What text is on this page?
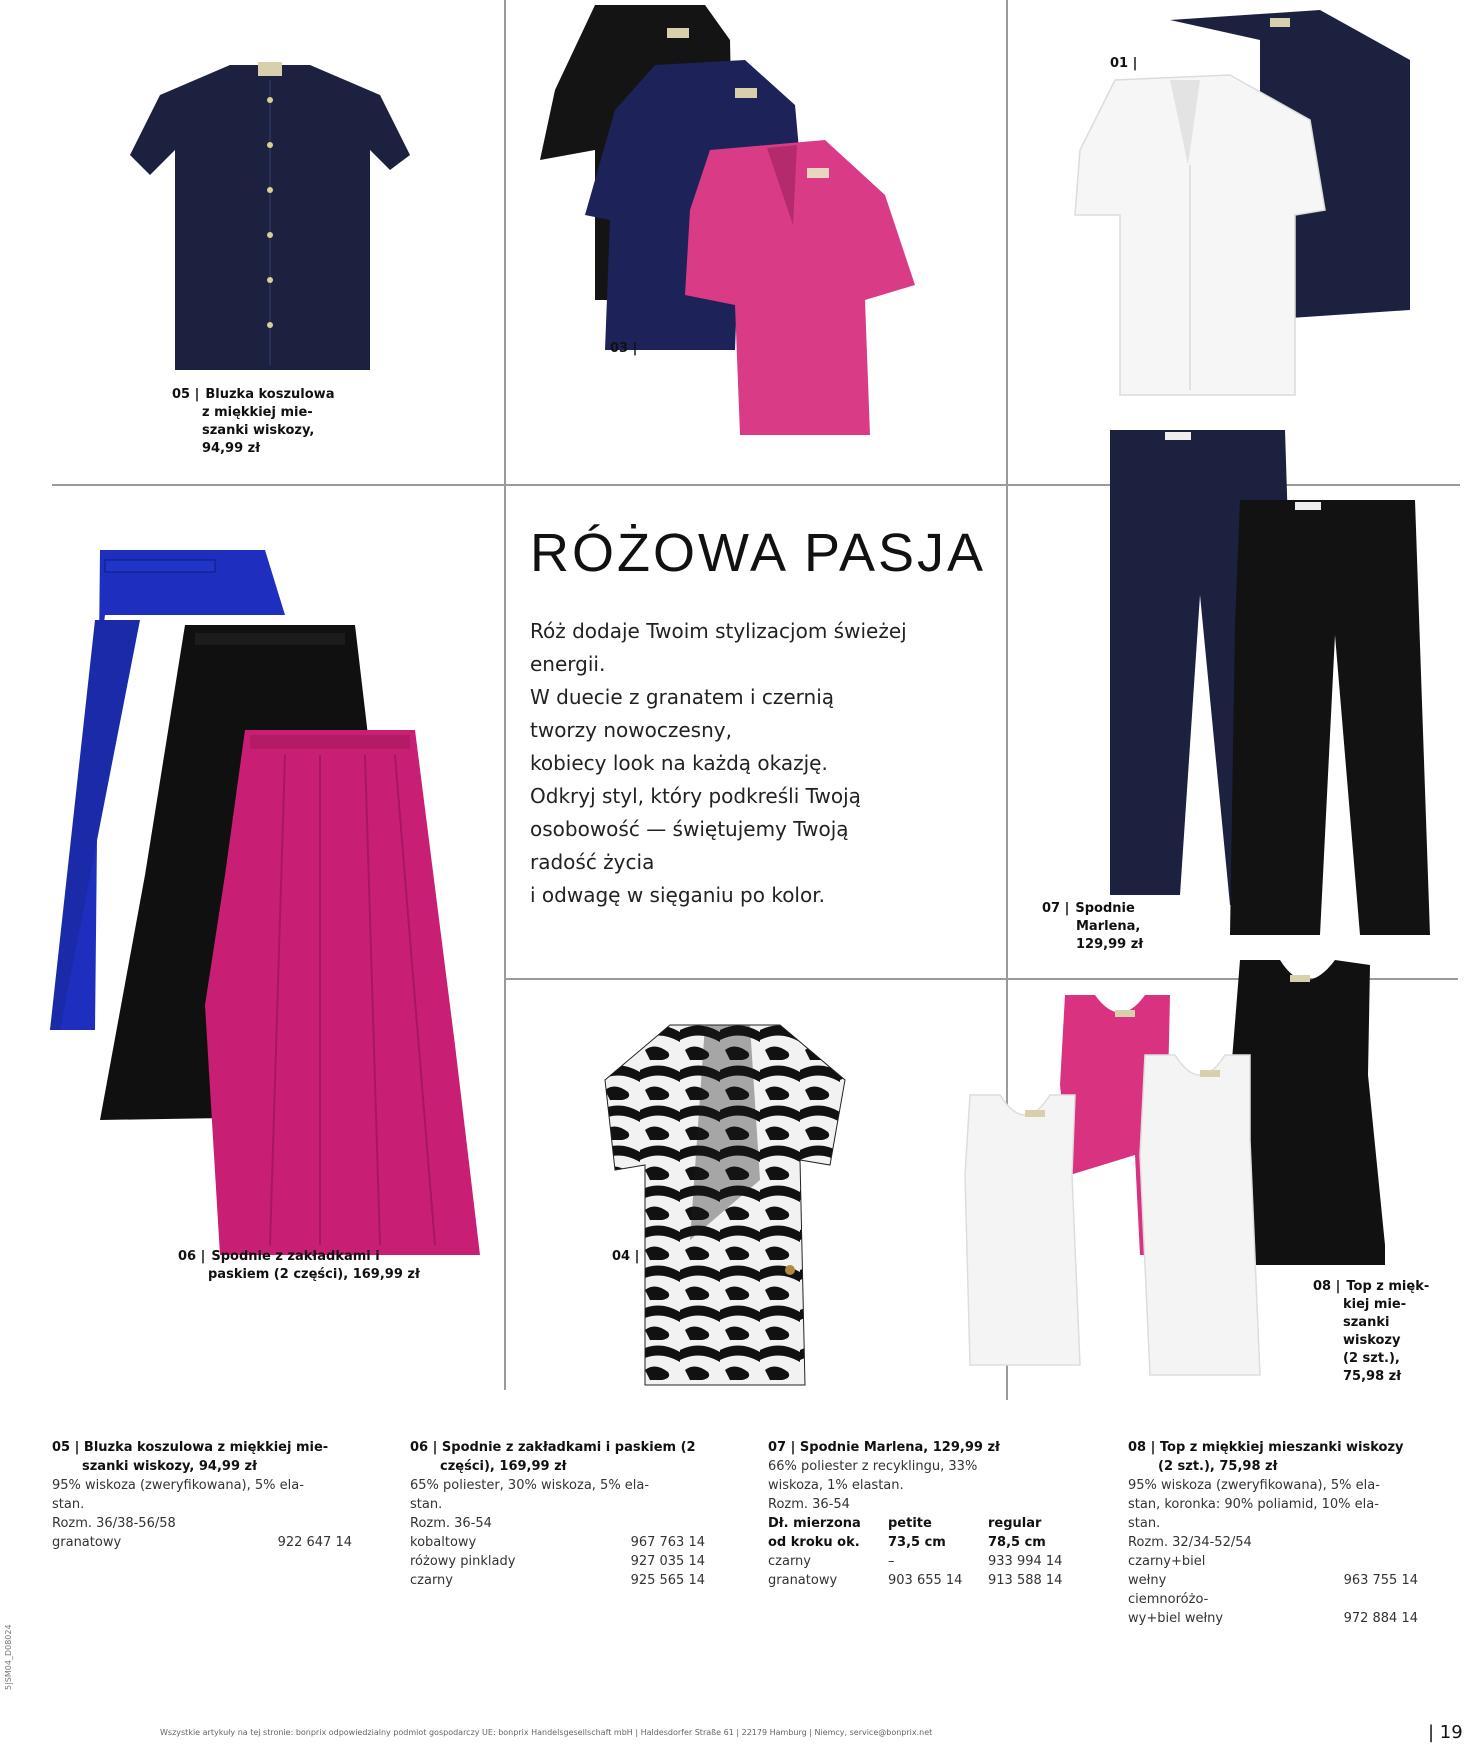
05 | Bluzka koszulowa
z miękkiej mie-
szanki wiskozy,
94,99 zł
03 |
01 |
07 | Spodnie
Marlena,
129,99 zł
06 | Spodnie z zakładkami i
paskiem (2 części), 169,99 zł
04 |
08 | Top z mięk-
kiej mie-
szanki
wiskozy
(2 szt.),
75,98 zł
RÓŻOWA PASJA
Róż dodaje Twoim stylizacjom świeżej
energii.
W duecie z granatem i czernią
tworzy nowoczesny,
kobiecy look na każdą okazję.
Odkryj styl, który podkreśli Twoją
osobowość — świętujemy Twoją
radość życia
i odwagę w sięganiu po kolor.
05 | Bluzka koszulowa z miękkiej mie-
szanki wiskozy, 94,99 zł
95% wiskoza (zweryfikowana), 5% ela-
stan.
Rozm. 36/38-56/58
granatowy	922 647 14
06 | Spodnie z zakładkami i paskiem (2
części), 169,99 zł
65% poliester, 30% wiskoza, 5% ela-
stan.
Rozm. 36-54
kobaltowy	967 763 14
różowy pinklady	927 035 14
czarny	925 565 14
07 | Spodnie Marlena, 129,99 zł
66% poliester z recyklingu, 33%
wiskoza, 1% elastan.
Rozm. 36-54
Dł. mierzona	petite	regular
od kroku ok.	73,5 cm	78,5 cm
czarny	–	933 994 14
granatowy	903 655 14	913 588 14
08 | Top z miękkiej mieszanki wiskozy
(2 szt.), 75,98 zł
95% wiskoza (zweryfikowana), 5% ela-
stan, koronka: 90% poliamid, 10% ela-
stan.
Rozm. 32/34-52/54
czarny+biel
wełny	963 755 14
ciemnoróżo-
wy+biel wełny	972 884 14
Wszystkie artykuły na tej stronie: bonprix odpowiedzialny podmiot gospodarczy UE: bonprix Handelsgesellschaft mbH | Haldesdorfer Straße 61 | 22179 Hamburg | Niemcy, service@bonprix.net	| 19
5|SM04_D08024
